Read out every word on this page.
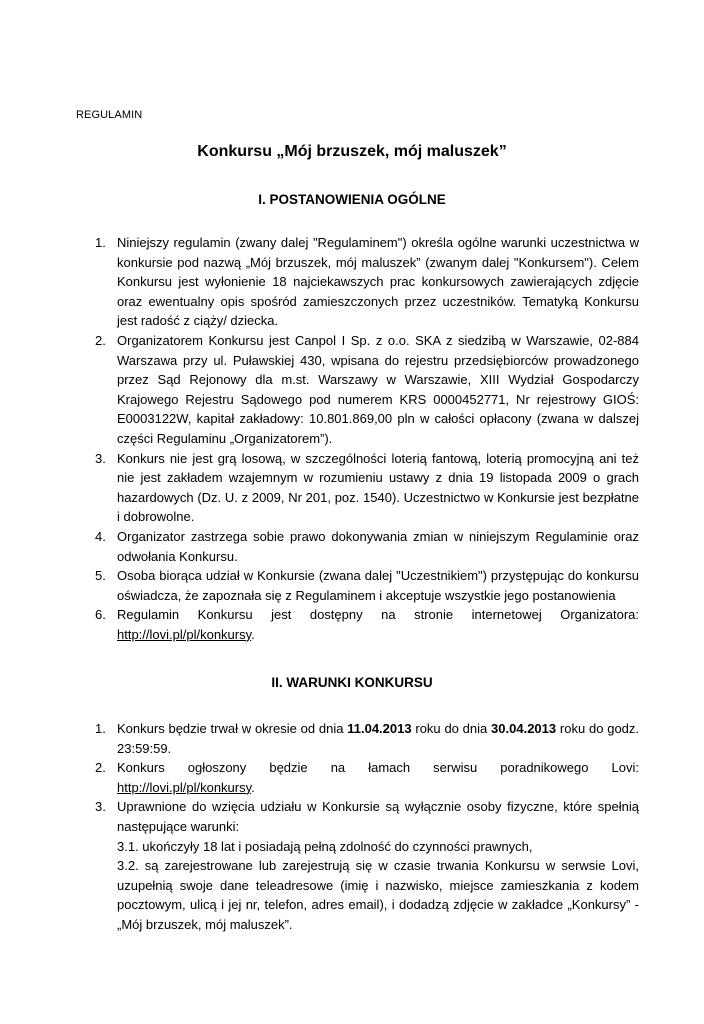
REGULAMIN
Konkursu „Mój brzuszek, mój maluszek”
I. POSTANOWIENIA OGÓLNE
1. Niniejszy regulamin (zwany dalej "Regulaminem") określa ogólne warunki uczestnictwa w konkursie pod nazwą „Mój brzuszek, mój maluszek” (zwanym dalej "Konkursem"). Celem Konkursu jest wyłonienie 18 najciekawszych prac konkursowych zawierających zdjęcie oraz ewentualny opis spośród zamieszczonych przez uczestników. Tematyką Konkursu jest radość z ciąży/ dziecka.
2. Organizatorem Konkursu jest Canpol I Sp. z o.o. SKA z siedzibą w Warszawie, 02-884 Warszawa przy ul. Puławskiej 430, wpisana do rejestru przedsiębiorców prowadzonego przez Sąd Rejonowy dla m.st. Warszawy w Warszawie, XIII Wydział Gospodarczy Krajowego Rejestru Sądowego pod numerem KRS 0000452771, Nr rejestrowy GIOŚ: E0003122W, kapitał zakładowy: 10.801.869,00 pln w całości opłacony (zwana w dalszej części Regulaminu „Organizatorem”).
3. Konkurs nie jest grą losową, w szczególności loterią fantową, loterią promocyjną ani też nie jest zakładem wzajemnym w rozumieniu ustawy z dnia 19 listopada 2009 o grach hazardowych (Dz. U. z 2009, Nr 201, poz. 1540). Uczestnictwo w Konkursie jest bezpłatne i dobrowolne.
4. Organizator zastrzega sobie prawo dokonywania zmian w niniejszym Regulaminie oraz odwołania Konkursu.
5. Osoba biorąca udział w Konkursie (zwana dalej "Uczestnikiem") przystępując do konkursu oświadcza, że zapoznała się z Regulaminem i akceptuje wszystkie jego postanowienia
6. Regulamin Konkursu jest dostępny na stronie internetowej Organizatora:
http://lovi.pl/pl/konkursy.
II. WARUNKI KONKURSU
1. Konkurs będzie trwał w okresie od dnia 11.04.2013 roku do dnia 30.04.2013 roku do godz. 23:59:59.
2. Konkurs ogłoszony będzie na łamach serwisu poradnikowego Lovi:
http://lovi.pl/pl/konkursy.
3. Uprawnione do wzięcia udziału w Konkursie są wyłącznie osoby fizyczne, które spełnią następujące warunki:
3.1. ukończyły 18 lat i posiadają pełną zdolność do czynności prawnych,
3.2. są zarejestrowane lub zarejestrują się w czasie trwania Konkursu w serwsie Lovi, uzupełnią swoje dane teleadresowe (imię i nazwisko, miejsce zamieszkania z kodem pocztowym, ulicą i jej nr, telefon, adres email), i dodadzą zdjęcie w zakładce „Konkursy” - „Mój brzuszek, mój maluszek”.
